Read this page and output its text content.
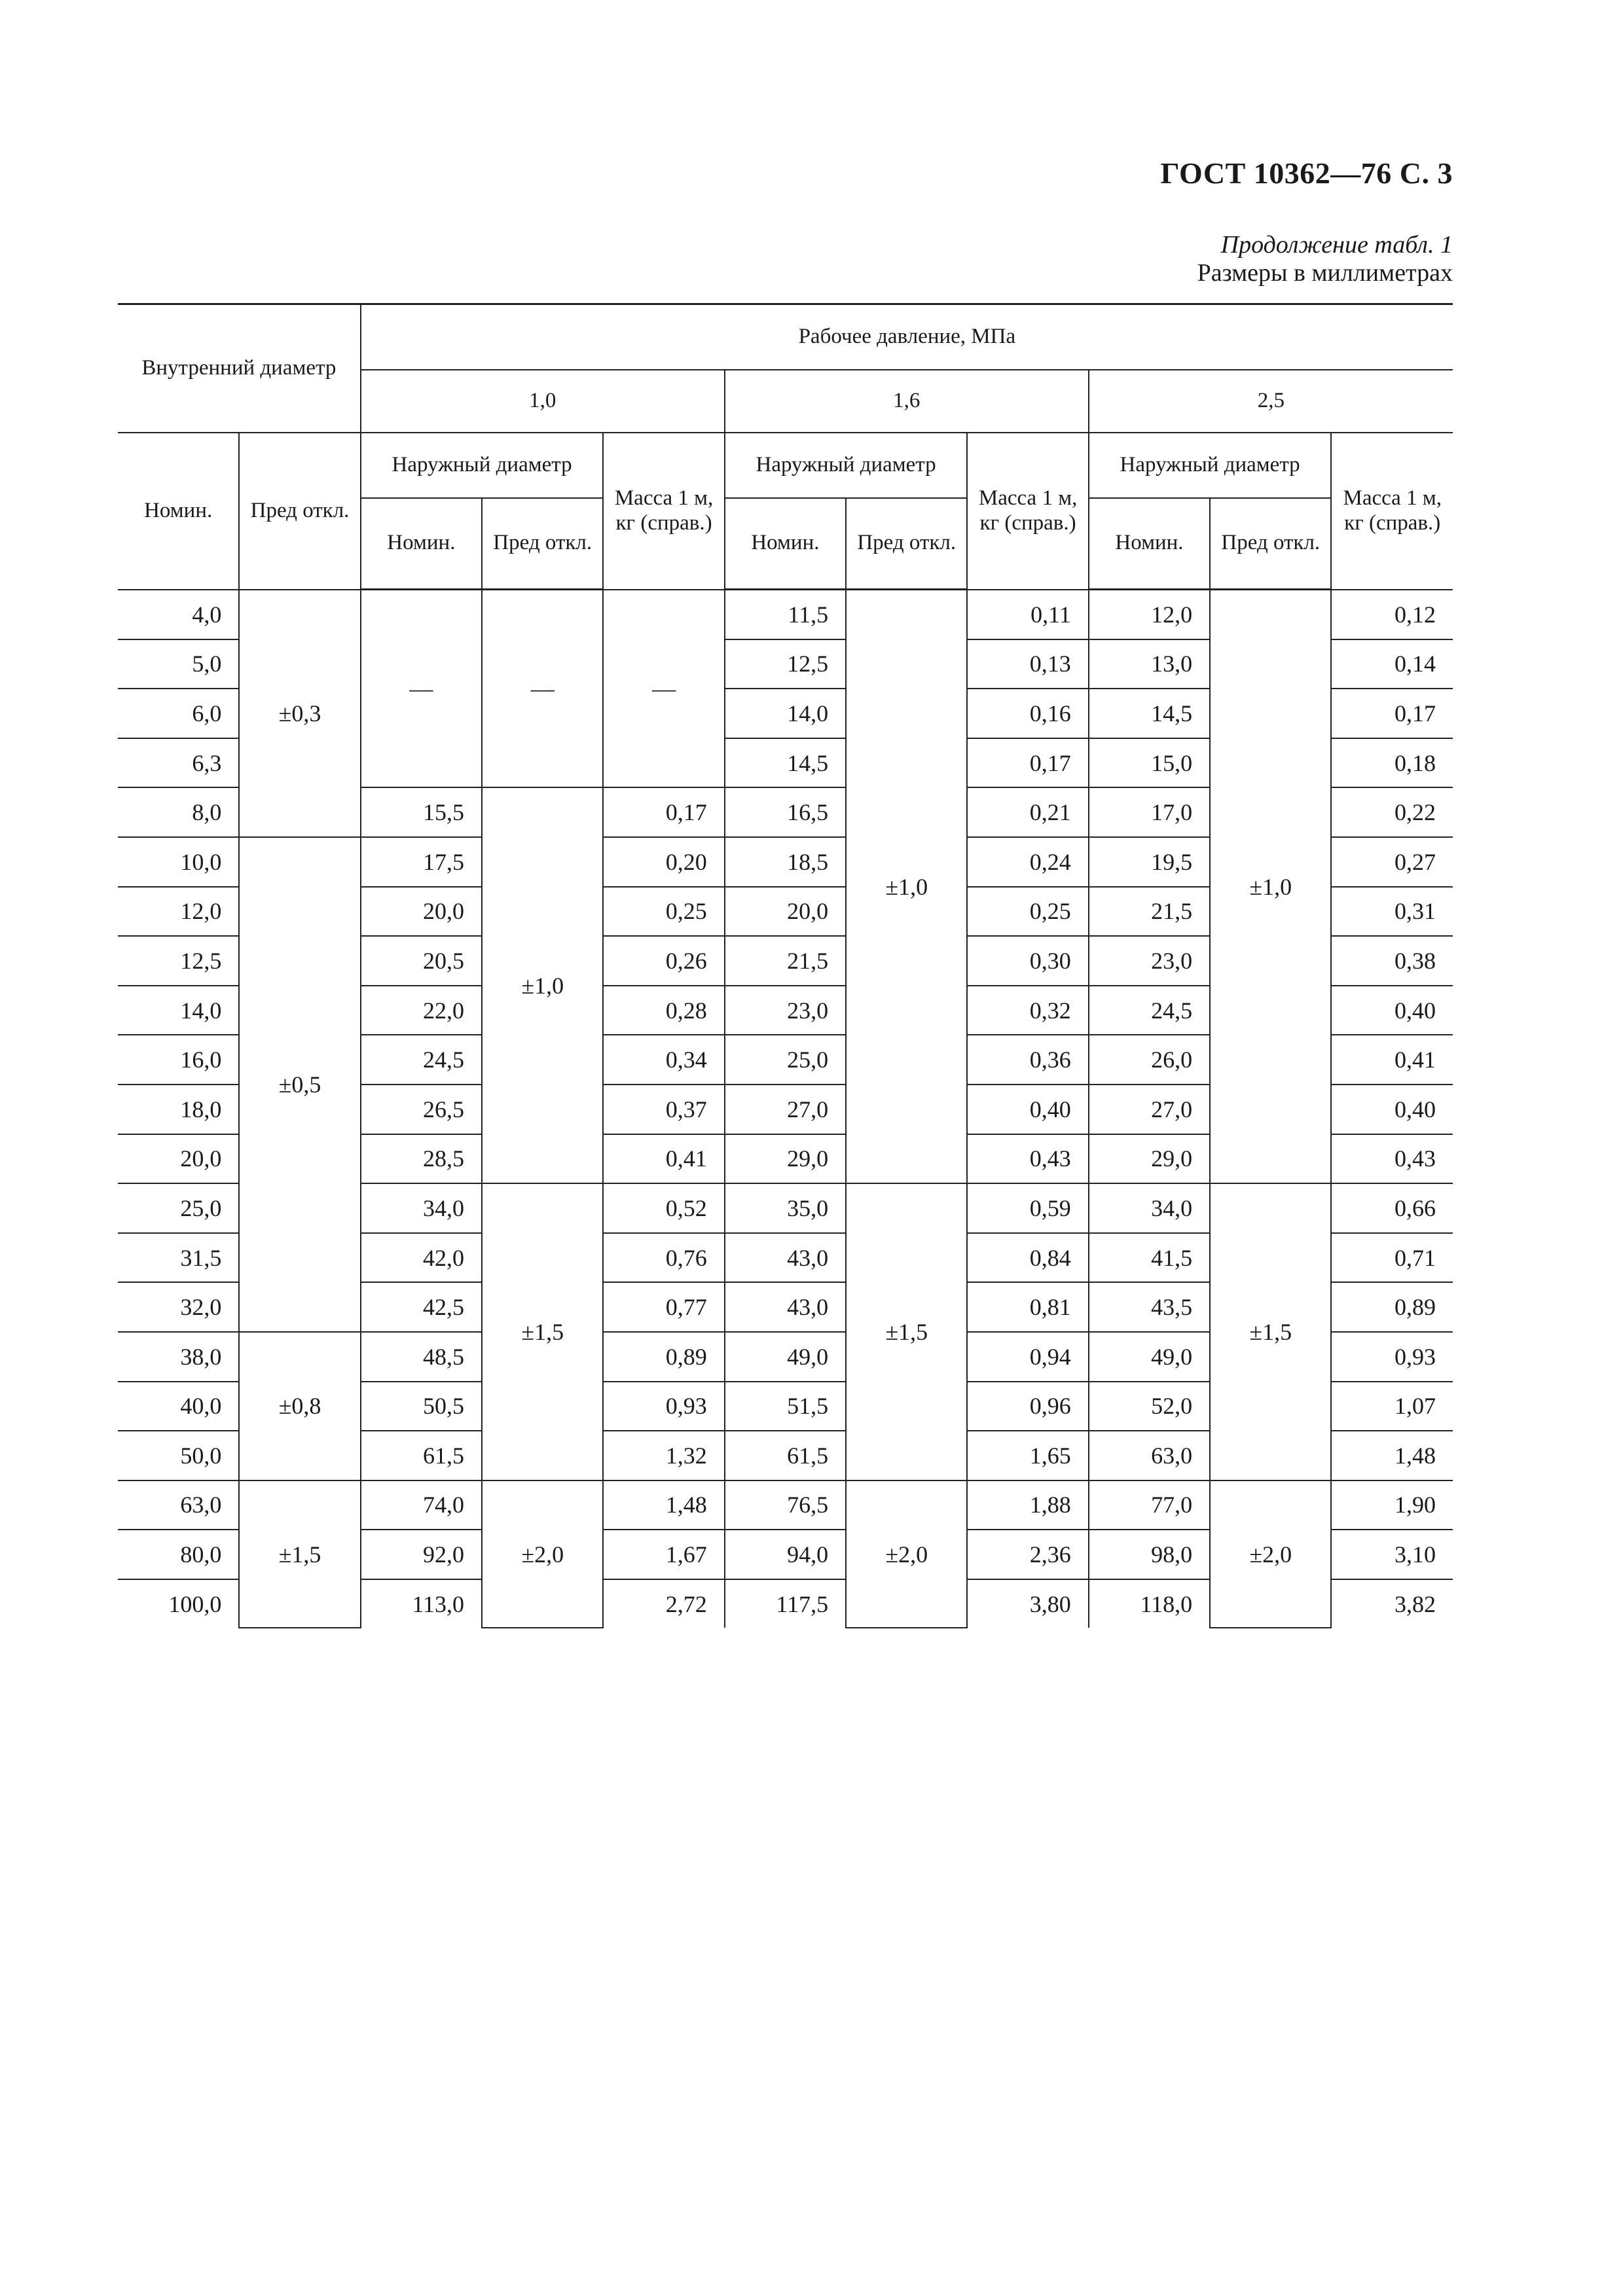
ГОСТ 10362—76 С. 3
Продолжение табл. 1
Размеры в миллиметрах
Внутренний диаметр		Рабочее давление, МПа								
		1,0			1,6			2,5		
Номин.	Пред откл.	Наружный диаметр		Масса 1 м, кг (справ.)	Наружный диаметр		Масса 1 м, кг (справ.)	Наружный диаметр		Масса 1 м, кг (справ.)
		Номин.	Пред откл.		Номин.	Пред откл.		Номин.	Пред откл.	
4,0	±0,3	—	—	—	11,5	±1,0	0,11	12,0	±1,0	0,12
5,0					12,5		0,13	13,0		0,14
6,0					14,0		0,16	14,5		0,17
6,3					14,5		0,17	15,0		0,18
8,0		15,5	±1,0	0,17	16,5		0,21	17,0		0,22
10,0	±0,5	17,5		0,20	18,5		0,24	19,5		0,27
12,0		20,0		0,25	20,0		0,25	21,5		0,31
12,5		20,5		0,26	21,5		0,30	23,0		0,38
14,0		22,0		0,28	23,0		0,32	24,5		0,40
16,0		24,5		0,34	25,0		0,36	26,0		0,41
18,0		26,5		0,37	27,0		0,40	27,0		0,40
20,0		28,5		0,41	29,0		0,43	29,0		0,43
25,0		34,0	±1,5	0,52	35,0	±1,5	0,59	34,0	±1,5	0,66
31,5		42,0		0,76	43,0		0,84	41,5		0,71
32,0		42,5		0,77	43,0		0,81	43,5		0,89
38,0	±0,8	48,5		0,89	49,0		0,94	49,0		0,93
40,0		50,5		0,93	51,5		0,96	52,0		1,07
50,0		61,5		1,32	61,5		1,65	63,0		1,48
63,0	±1,5	74,0	±2,0	1,48	76,5	±2,0	1,88	77,0	±2,0	1,90
80,0		92,0		1,67	94,0		2,36	98,0		3,10
100,0		113,0		2,72	117,5		3,80	118,0		3,82
